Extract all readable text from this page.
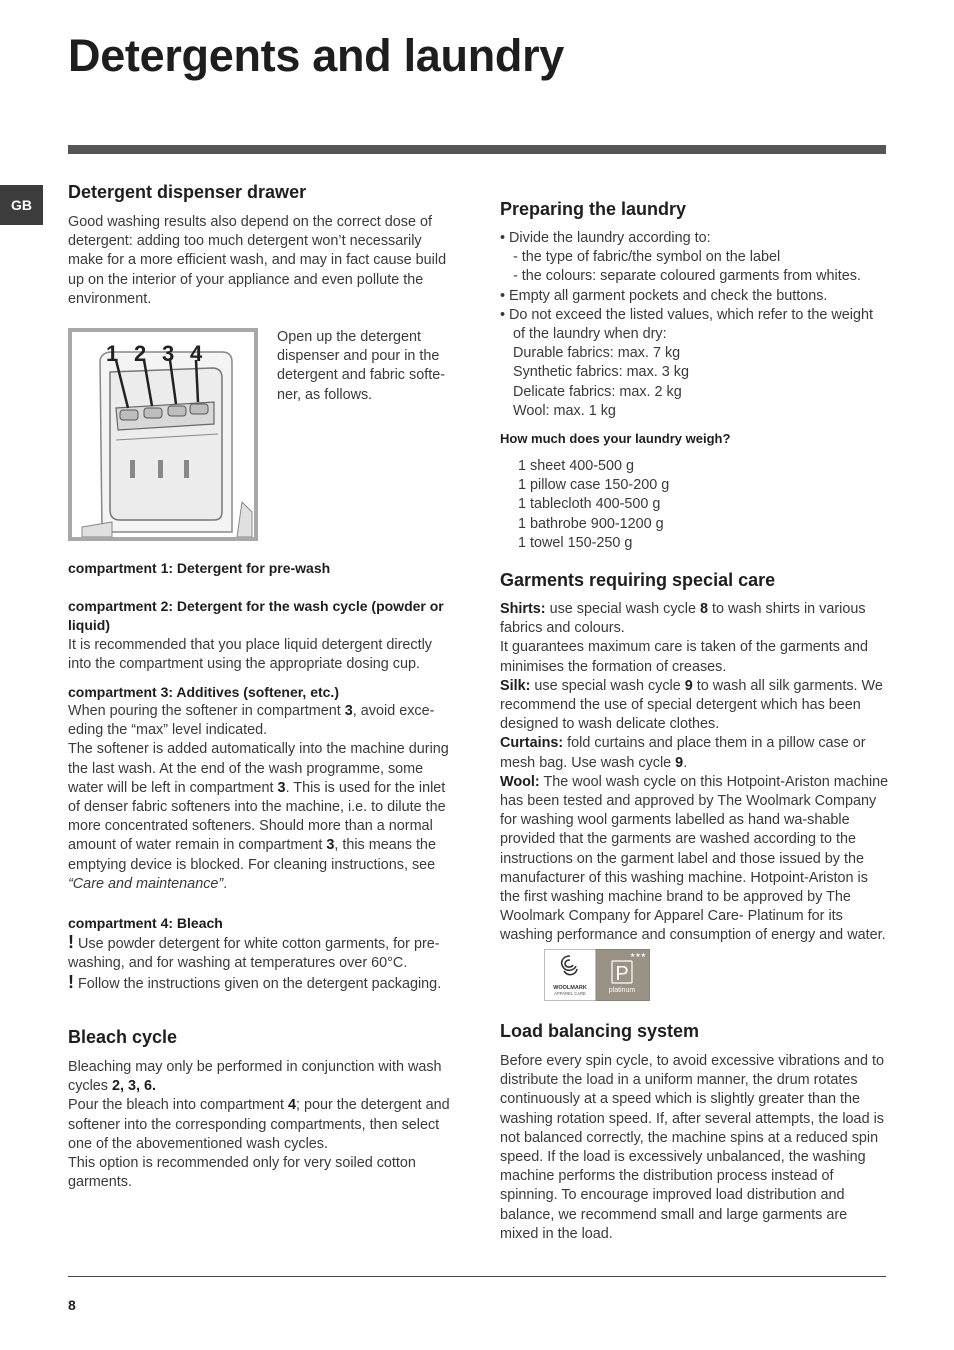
Detergents and laundry
GB
Detergent dispenser drawer

Good washing results also depend on the correct dose of detergent: adding too much detergent won’t necessarily make for a more efficient wash, and may in fact cause build up on the interior of your appliance and even pollute the environment.

1 2 3 4

Open up the detergent dispenser and pour in the detergent and fabric softe-ner, as follows.

compartment 1: Detergent for pre-wash

compartment 2: Detergent for the wash cycle (powder or liquid)

It is recommended that you place liquid detergent directly into the compartment using the appropriate dosing cup.

compartment 3: Additives (softener, etc.)

When pouring the softener in compartment 3, avoid exce-eding the “max” level indicated.
The softener is added automatically into the machine during the last wash. At the end of the wash programme, some water will be left in compartment 3. This is used for the inlet of denser fabric softeners into the machine, i.e. to dilute the more concentrated softeners. Should more than a normal amount of water remain in compartment 3, this means the emptying device is blocked. For cleaning instructions, see “Care and maintenance”.

compartment 4: Bleach

! Use powder detergent for white cotton garments, for pre-washing, and for washing at temperatures over 60°C.
! Follow the instructions given on the detergent packaging.
Bleach cycle
Bleaching may only be performed in conjunction with wash cycles 2, 3, 6.
Pour the bleach into compartment 4; pour the detergent and softener into the corresponding compartments, then select one of the abovementioned wash cycles.
This option is recommended only for very soiled cotton garments.
Preparing the laundry
• Divide the laundry according to:
- the type of fabric/the symbol on the label
- the colours: separate coloured garments from whites.
• Empty all garment pockets and check the buttons.
• Do not exceed the listed values, which refer to the weight
of the laundry when dry:
Durable fabrics: max. 7 kg
Synthetic fabrics: max. 3 kg
Delicate fabrics: max. 2 kg
Wool: max. 1 kg

How much does your laundry weigh?

1 sheet 400-500 g
1 pillow case 150-200 g
1 tablecloth 400-500 g
1 bathrobe 900-1200 g
1 towel 150-250 g
Garments requiring special care
Shirts: use special wash cycle 8 to wash shirts in various fabrics and colours.
It guarantees maximum care is taken of the garments and minimises the formation of creases.
Silk: use special wash cycle 9 to wash all silk garments. We recommend the use of special detergent which has been designed to wash delicate clothes.
Curtains: fold curtains and place them in a pillow case or mesh bag. Use wash cycle 9.
Wool: The wool wash cycle on this Hotpoint-Ariston machine has been tested and approved by The Woolmark Company for washing wool garments labelled as hand wa-shable provided that the garments are washed according to the instructions on the garment label and those issued by the manufacturer of this washing machine. Hotpoint-Ariston is the first washing machine brand to be approved by The Woolmark Company for Apparel Care- Platinum for its washing performance and consumption of energy and water.
WOOLMARK
APPAREL CARE
★★★
P
platinum
Load balancing system

Before every spin cycle, to avoid excessive vibrations and to distribute the load in a uniform manner, the drum rotates continuously at a speed which is slightly greater than the washing rotation speed. If, after several attempts, the load is not balanced correctly, the machine spins at a reduced spin speed. If the load is excessively unbalanced, the washing machine performs the distribution process instead of spinning. To encourage improved load distribution and balance, we recommend small and large garments are mixed in the load.

8
